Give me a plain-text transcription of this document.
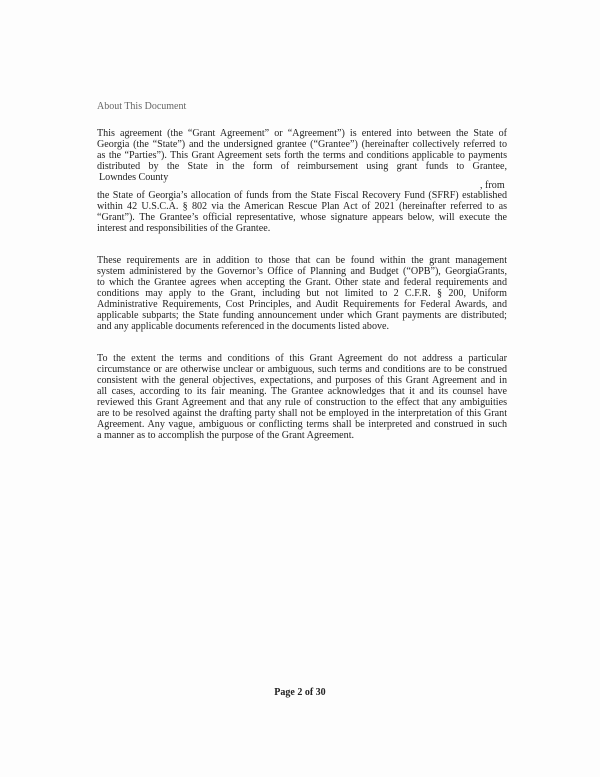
About This Document
This agreement (the “Grant Agreement” or “Agreement”) is entered into between the State of
Georgia (the “State”) and the undersigned grantee (“Grantee”) (hereinafter collectively referred to
as the “Parties”). This Grant Agreement sets forth the terms and conditions applicable to payments
distributed by the State in the form of reimbursement using grant funds to Grantee,
Lowndes County
, from
the State of Georgia’s allocation of funds from the State Fiscal Recovery Fund (SFRF) established
within 42 U.S.C.A. § 802 via the American Rescue Plan Act of 2021 (hereinafter referred to as
“Grant”). The Grantee’s official representative, whose signature appears below, will execute the
interest and responsibilities of the Grantee.
These requirements are in addition to those that can be found within the grant management
system administered by the Governor’s Office of Planning and Budget (“OPB”), GeorgiaGrants,
to which the Grantee agrees when accepting the Grant. Other state and federal requirements and
conditions may apply to the Grant, including but not limited to 2 C.F.R. § 200, Uniform
Administrative Requirements, Cost Principles, and Audit Requirements for Federal Awards, and
applicable subparts; the State funding announcement under which Grant payments are distributed;
and any applicable documents referenced in the documents listed above.
To the extent the terms and conditions of this Grant Agreement do not address a particular
circumstance or are otherwise unclear or ambiguous, such terms and conditions are to be construed
consistent with the general objectives, expectations, and purposes of this Grant Agreement and in
all cases, according to its fair meaning. The Grantee acknowledges that it and its counsel have
reviewed this Grant Agreement and that any rule of construction to the effect that any ambiguities
are to be resolved against the drafting party shall not be employed in the interpretation of this Grant
Agreement. Any vague, ambiguous or conflicting terms shall be interpreted and construed in such
a manner as to accomplish the purpose of the Grant Agreement.
Page 2 of 30
